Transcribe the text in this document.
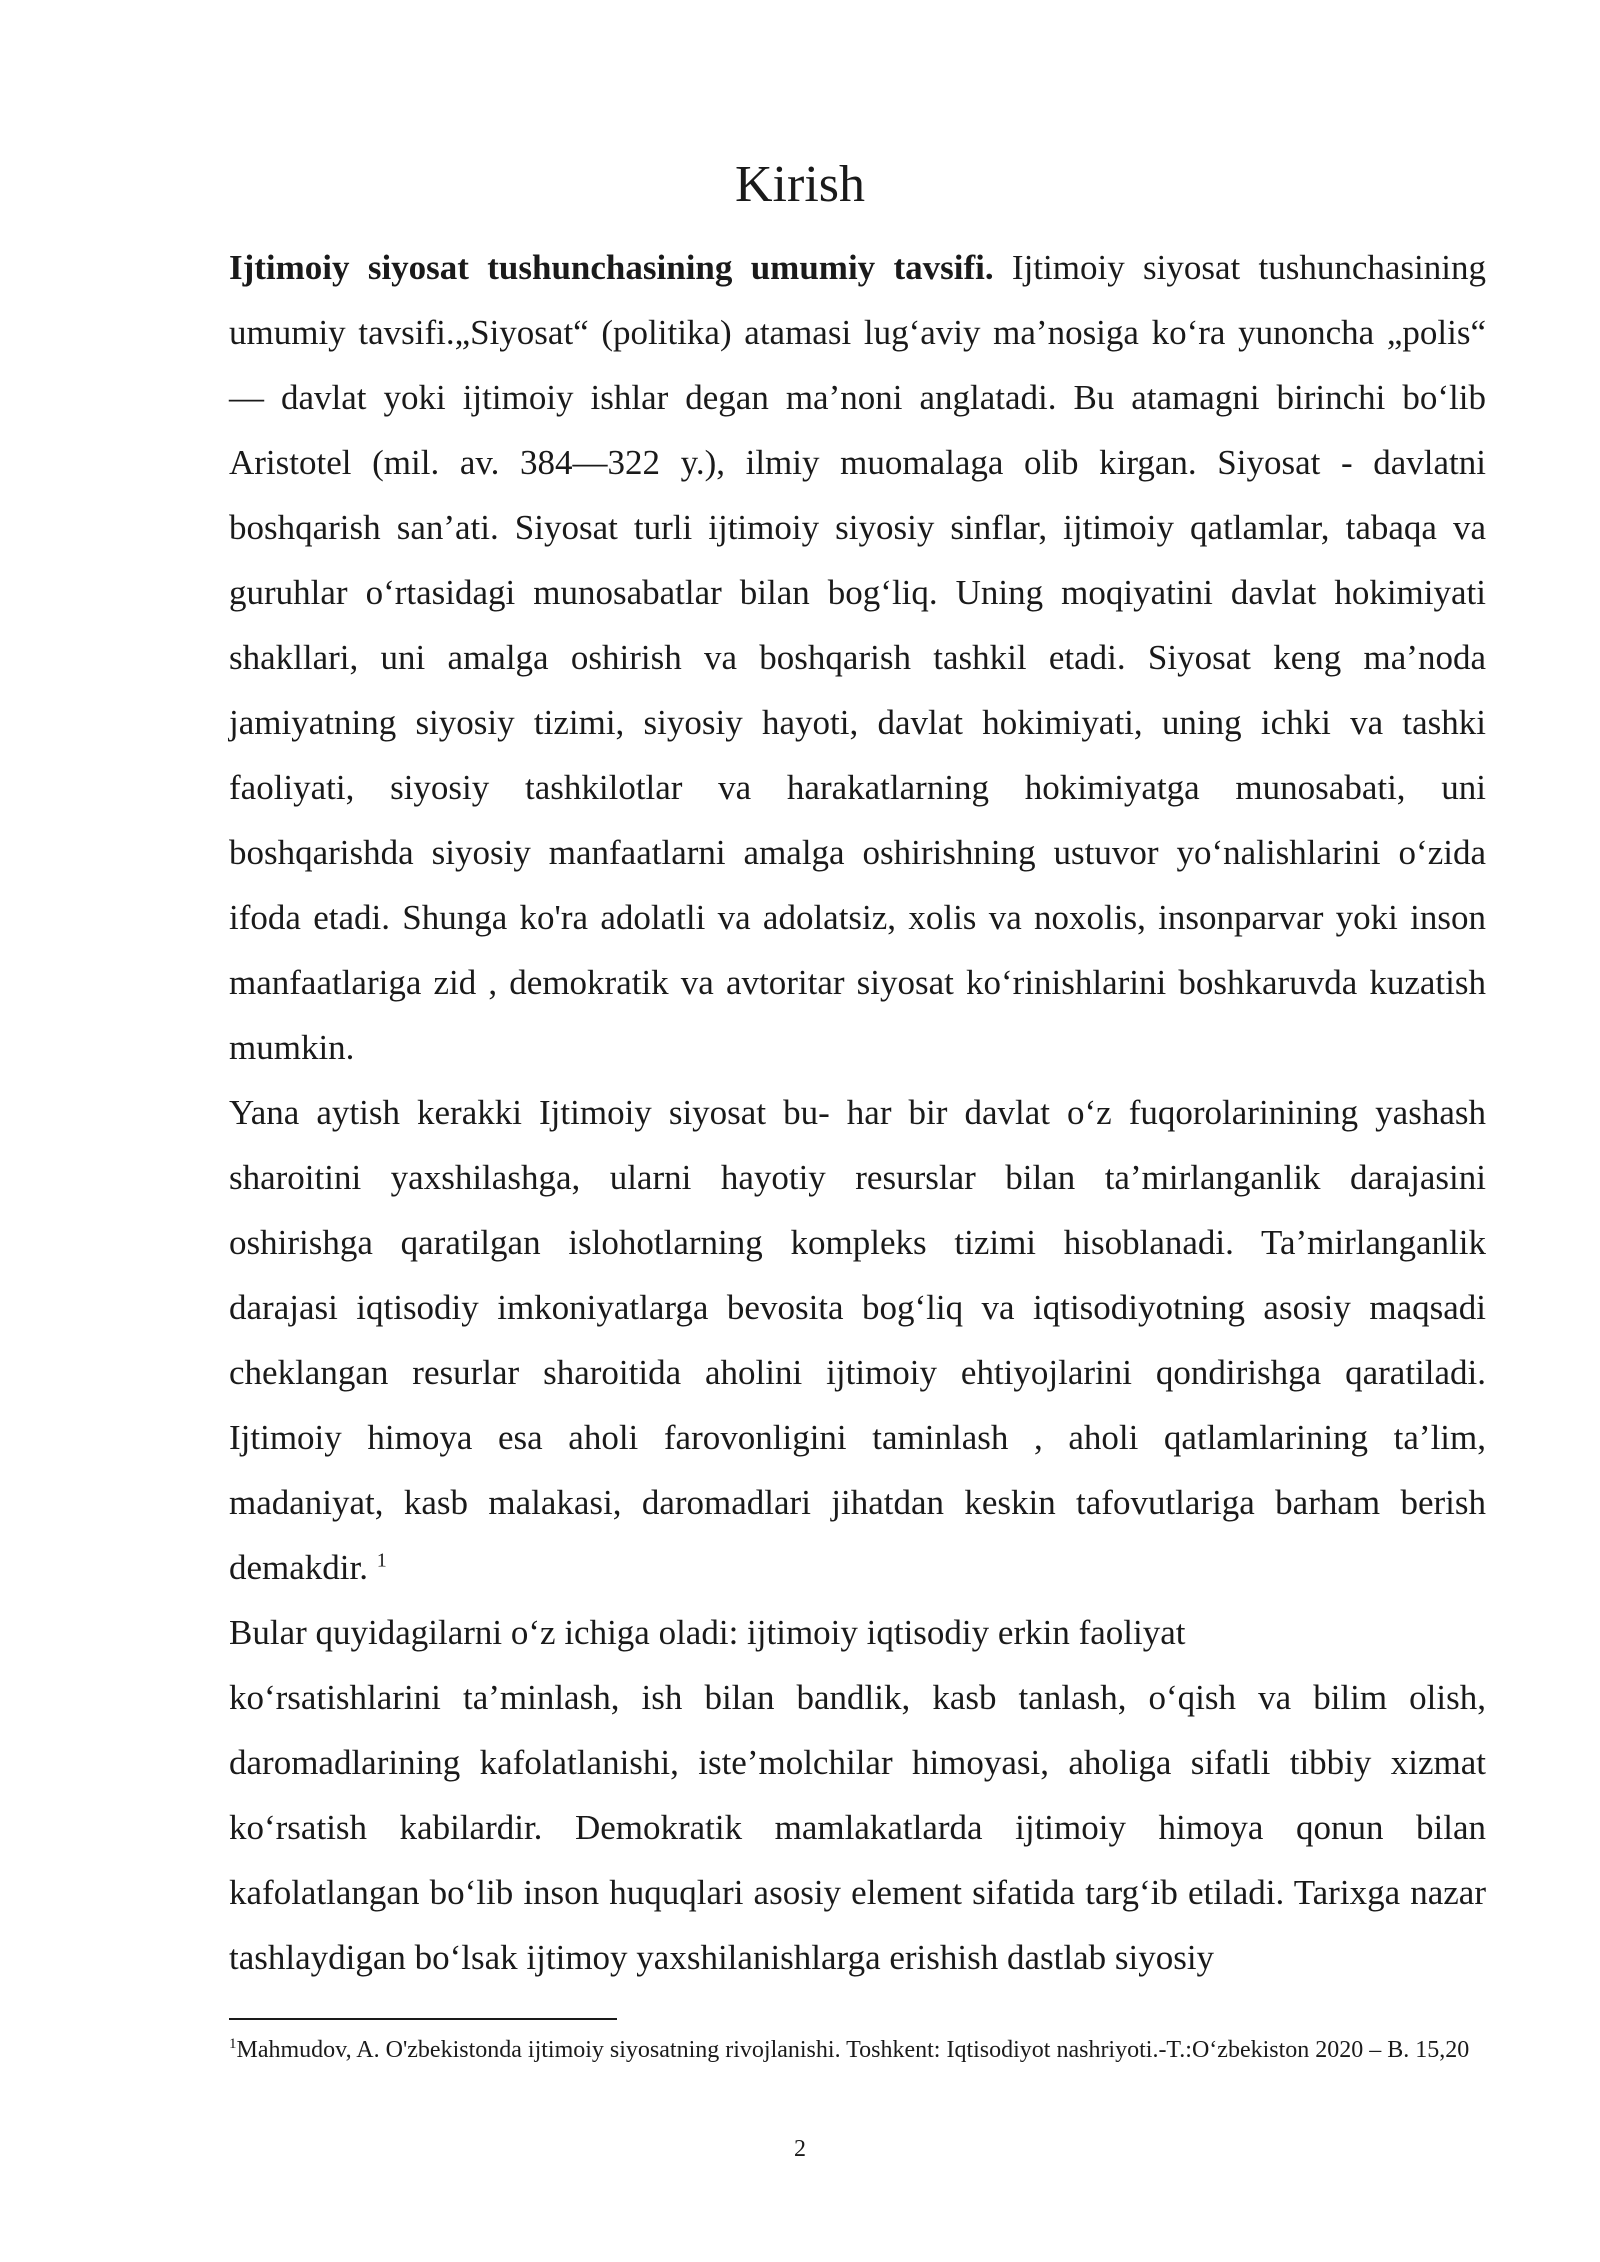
Kirish

Ijtimoiy siyosat tushunchasining umumiy tavsifi. Ijtimoiy siyosat tushunchasining umumiy tavsifi.„Siyosat“ (politika) atamasi lug‘aviy ma’nosiga ko‘ra yunoncha „polis“ — davlat yoki ijtimoiy ishlar degan ma’noni anglatadi. Bu atamagni birinchi bo‘lib Aristotel (mil. av. 384—322 y.), ilmiy muomalaga olib kirgan. Siyosat - davlatni boshqarish san’ati. Siyosat turli ijtimoiy siyosiy sinflar, ijtimoiy qatlamlar, tabaqa va guruhlar o‘rtasidagi munosabatlar bilan bog‘liq. Uning moqiyatini davlat hokimiyati shakllari, uni amalga oshirish va boshqarish tashkil etadi. Siyosat keng ma’noda jamiyatning siyosiy tizimi, siyosiy hayoti, davlat hokimiyati, uning ichki va tashki faoliyati, siyosiy tashkilotlar va harakatlarning hokimiyatga munosabati, uni boshqarishda siyosiy manfaatlarni amalga oshirishning ustuvor yo‘nalishlarini o‘zida ifoda etadi. Shunga ko'ra adolatli va adolatsiz, xolis va noxolis, insonparvar yoki inson manfaatlariga zid , demokratik va avtoritar siyosat ko‘rinishlarini boshkaruvda kuzatish mumkin.

Yana aytish kerakki Ijtimoiy siyosat bu- har bir davlat o‘z fuqorolarinining yashash sharoitini yaxshilashga, ularni hayotiy resurslar bilan ta’mirlanganlik darajasini oshirishga qaratilgan islohotlarning kompleks tizimi hisoblanadi. Ta’mirlanganlik darajasi iqtisodiy imkoniyatlarga bevosita bog‘liq va iqtisodiyotning asosiy maqsadi cheklangan resurlar sharoitida aholini ijtimoiy ehtiyojlarini qondirishga qaratiladi. Ijtimoiy himoya esa aholi farovonligini taminlash , aholi qatlamlarining ta’lim, madaniyat, kasb malakasi, daromadlari jihatdan keskin tafovutlariga barham berish demakdir. $^1$

Bular quyidagilarni o‘z ichiga oladi: ijtimoiy iqtisodiy erkin faoliyat

ko‘rsatishlarini ta’minlash, ish bilan bandlik, kasb tanlash, o‘qish va bilim olish, daromadlarining kafolatlanishi, iste’molchilar himoyasi, aholiga sifatli tibbiy xizmat ko‘rsatish kabilardir. Demokratik mamlakatlarda ijtimoiy himoya qonun bilan kafolatlangan bo‘lib inson huquqlari asosiy element sifatida targ‘ib etiladi. Tarixga nazar tashlaydigan bo‘lsak ijtimoy yaxshilanishlarga erishish dastlab siyosiy

$^1$Mahmudov, A. O'zbekistonda ijtimoiy siyosatning rivojlanishi. Toshkent: Iqtisodiyot nashriyoti.-T.:O‘zbekiston 2020 – B. 15,20

2
